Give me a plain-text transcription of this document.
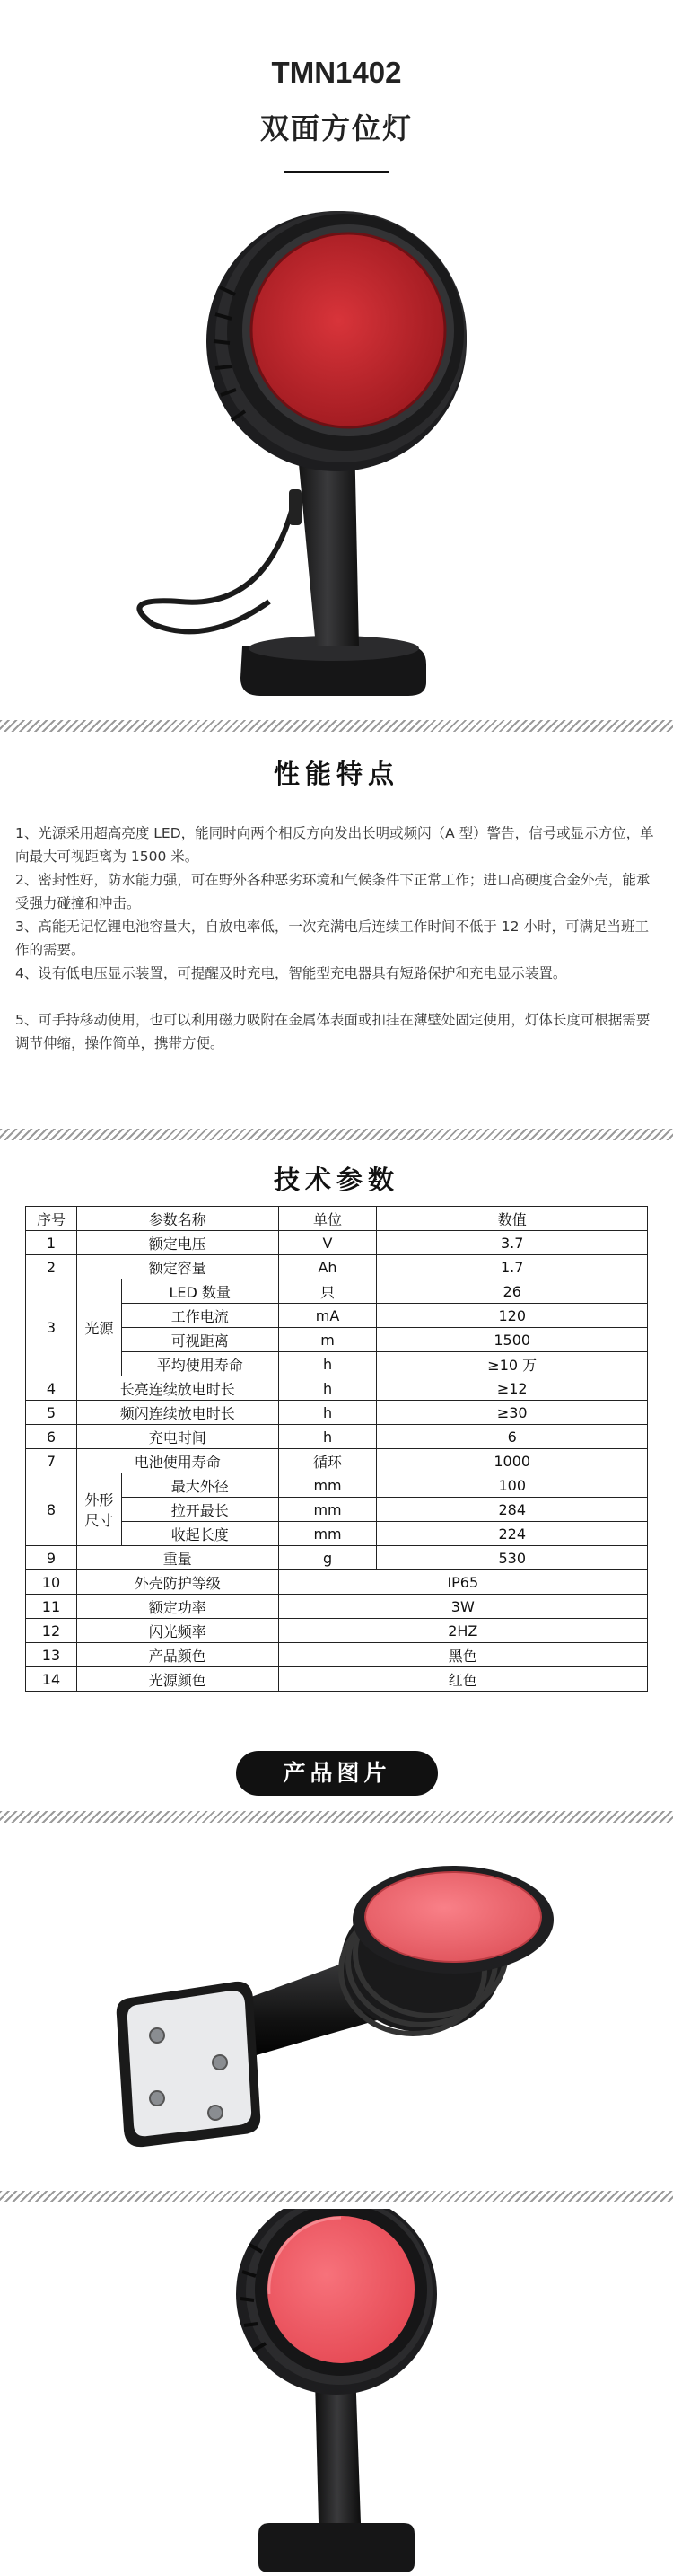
TMN1402
双面方位灯
性能特点
1、光源采用超高亮度 LED，能同时向两个相反方向发出长明或频闪（A 型）警告，信号或显示方位，单向最大可视距离为 1500 米。
2、密封性好，防水能力强，可在野外各种恶劣环境和气候条件下正常工作；进口高硬度合金外壳，能承受强力碰撞和冲击。
3、高能无记忆锂电池容量大，自放电率低，一次充满电后连续工作时间不低于 12 小时，可满足当班工作的需要。
4、设有低电压显示装置，可提醒及时充电，智能型充电器具有短路保护和充电显示装置。
5、可手持移动使用，也可以利用磁力吸附在金属体表面或扣挂在薄壁处固定使用，灯体长度可根据需要调节伸缩，操作简单，携带方便。
技术参数
序号	参数名称		单位	数值
1	额定电压		V	3.7
2	额定容量		Ah	1.7
3	光源	LED 数量	只	26
		工作电流	mA	120
		可视距离	m	1500
		平均使用寿命	h	≥10 万
4	长亮连续放电时长		h	≥12
5	频闪连续放电时长		h	≥30
6	充电时间		h	6
7	电池使用寿命		循环	1000
8	外形尺寸	最大外径	mm	100
		拉开最长	mm	284
		收起长度	mm	224
9	重量		g	530
10	外壳防护等级		IP65	
11	额定功率		3W	
12	闪光频率		2HZ	
13	产品颜色		黑色	
14	光源颜色		红色	
产品图片
